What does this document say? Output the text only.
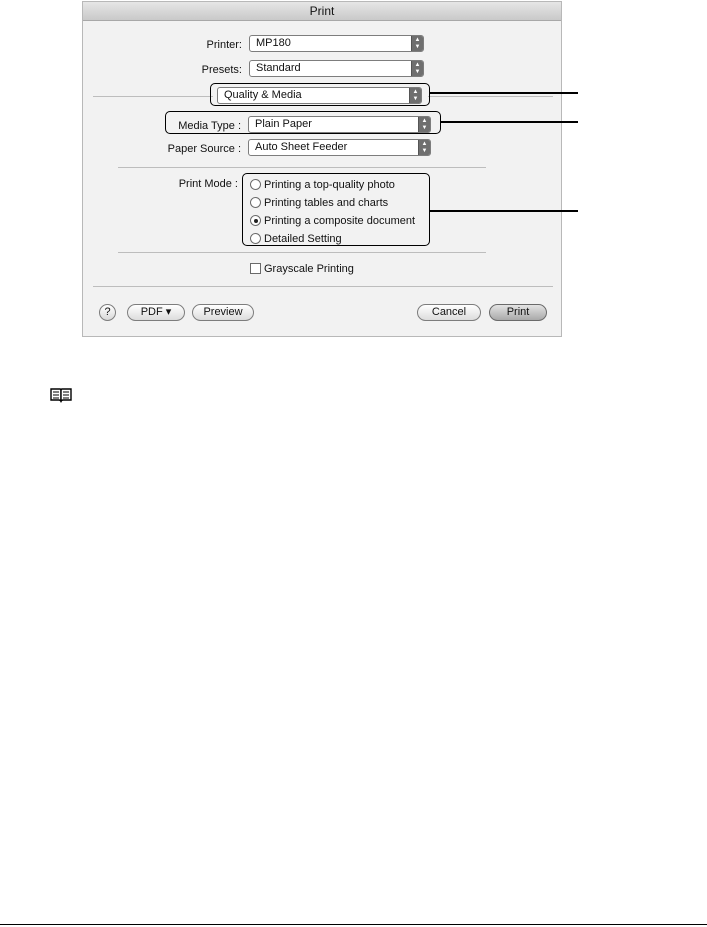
Print
Printer:	MP180	▲
▼
Presets:	Standard	▲
▼
Quality & Media	▲
▼
Media Type :	Plain Paper	▲
▼
Paper Source :	Auto Sheet Feeder	▲
▼
Print Mode :	Printing a top-quality photo
Printing tables and charts
Printing a composite document
Detailed Setting
Grayscale Printing
?	PDF ▾	Preview	Cancel	Print
